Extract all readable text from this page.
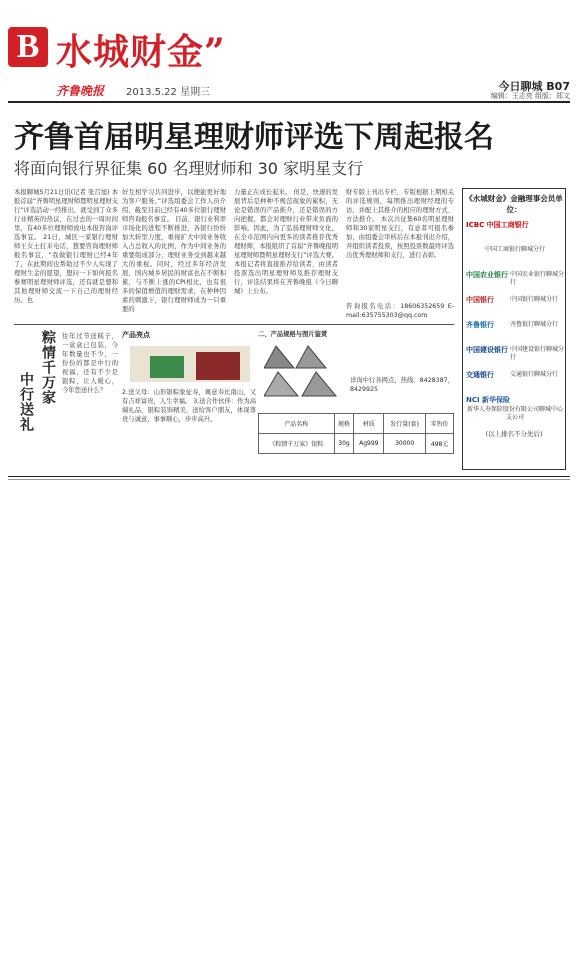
B 水城财金”
齐鲁晚报 2013.5.22 星期三	今日聊城 B07
编辑：王志亮 组版：郑文
齐鲁首届明星理财师评选下周起报名
将面向银行界征集 60 名理财师和 30 家明星支行
本报聊城5月21日讯(记者 张召旭) 本报首届“齐鲁明星理财师暨明星理财支行”评选活动一经推出，就受到了众多行业精英的热议，在过去的一周时间里，有40多位理财师致电本报咨询评选事宜。 21日，城区一家银行理财师王女士打来电话，想要咨询理财师报名事宜，“我做银行理财已经4年了，在此期间也帮助过不少人实现了理财生金的愿望，想问一下如何报名参赛明星理财师评选，还有就是想和其他理财师交流一下自己的理财经历。也
好互相学习共同进步，以便能更好地为客户服务。”评选组委会工作人员介绍，截至目前已经有40多位银行理财师咨询报名事宜。 目前，银行业利率市场化的进程不断推进，各银行纷纷加大转型力度，重视扩大中间业务收入占总收入的比例，作为中间业务的重要组成部分，理财业务受到越来越大的重视。同时，经过多年经济发展，国内城乡居民的财富也在不断积累，与不断上涨的CPI相比，也有很多的保值增值的理财需求，在种种因素的刺激下，银行理财师成为一只重要的
力量正在成长起来。 但是，快速的发展背后是种种不规范现象的累积，无论是错误的产品推介，还是错误的方向把握，都会对理财行业带来负面的影响。因此，为了弘扬理财师文化，在全市范围内向更多的读者推荐优秀理财师，本报组织了首届“齐鲁晚报明星理财师暨明星理财支行”评选大赛。 本报记者将直接推荐给读者，由读者投票选出明星理财师及推荐理财支行，评选结果将在齐鲁晚报《今日聊城》上公布。
财专版上刊出专栏，专版根据上期相关的评选规则，每期推出理财经理的专访，并配上其推介的相应的理财方式、方法推介。 本次共征集60名明星理财师和30家明星支行，有意者可报名参加，由组委会审核后在本报刊出介绍，并组织读者投票，按照投票数最终评选出优秀理财师和支行，进行表彰。
咨询报名电话：18606352659 E-mail:635755303@qq.com
《水城财金》金融理事会员单位：
ICBC 中国工商银行
中国工商银行聊城分行
中国农业银行 中国农业银行聊城分行
中国银行	中国银行聊城分行
齐鲁银行	齐鲁银行聊城分行
中国建设银行 中国建设银行聊城分行
交通银行	交通银行聊城分行
NCI 新华保险
新华人寿保险股份有限公司聊城中心支公司
(以上排名不分先后)
粽情千万家
中行送礼
往年过节送糕子，一盒盒已包装，今年数量也不少，一份份的都是中行的祝福，还有不少是银粽，让人暖心，今年您送什么？
产品亮点
2.送父母：山形银粽象征寿，寓意寿比南山，又有吉祥富贵，人生幸福。 3.送合作伙伴：作为高端礼品，银粽装饰精美，送给客户朋友，体现尊贵与诚意，事事顺心，步步高升。
二、产品规格与图片鉴赏
详询中行各网点，热线：8428387，8429925
产品名称	规格	材质	发行量(套)	零售价
《粽情千万家》银粽	30g	Ag999	30000	498元
